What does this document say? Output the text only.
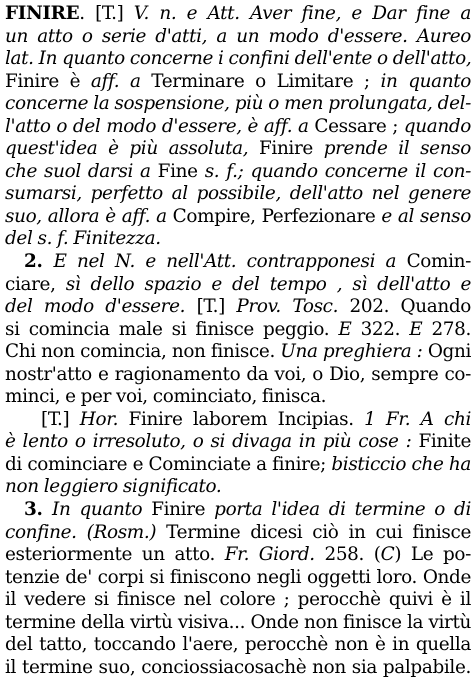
FINIRE. [T.] V. n. e Att. Aver fine, e Dar fine a
un atto o serie d'atti, a un modo d'essere. Aureo
lat. In quanto concerne i confini dell'ente o dell'atto,
Finire è aff. a Terminare o Limitare ; in quanto
concerne la sospensione, più o men prolungata, del-
l'atto o del modo d'essere, è aff. a Cessare ; quando
quest'idea è più assoluta, Finire prende il senso
che suol darsi a Fine s. f.; quando concerne il con-
sumarsi, perfetto al possibile, dell'atto nel genere
suo, allora è aff. a Compire, Perfezionare e al senso
del s. f. Finitezza.
2. E nel N. e nell'Att. contrapponesi a Comin-
ciare, sì dello spazio e del tempo , sì dell'atto e
del modo d'essere. [T.] Prov. Tosc. 202. Quando
si comincia male si finisce peggio. E 322. E 278.
Chi non comincia, non finisce. Una preghiera : Ogni
nostr'atto e ragionamento da voi, o Dio, sempre co-
minci, e per voi, cominciato, finisca.
[T.] Hor. Finire laborem Incipias. 1 Fr. A chi
è lento o irresoluto, o si divaga in più cose : Finite
di cominciare e Cominciate a finire; bisticcio che ha
non leggiero significato.
3. In quanto Finire porta l'idea di termine o di
confine. (Rosm.) Termine dicesi ciò in cui finisce
esteriormente un atto. Fr. Giord. 258. (C) Le po-
tenzie de' corpi si finiscono negli oggetti loro. Onde
il vedere si finisce nel colore ; perocchè quivi è il
termine della virtù visiva... Onde non finisce la virtù
del tatto, toccando l'aere, perocchè non è in quella
il termine suo, conciossiacosachè non sia palpabile.
